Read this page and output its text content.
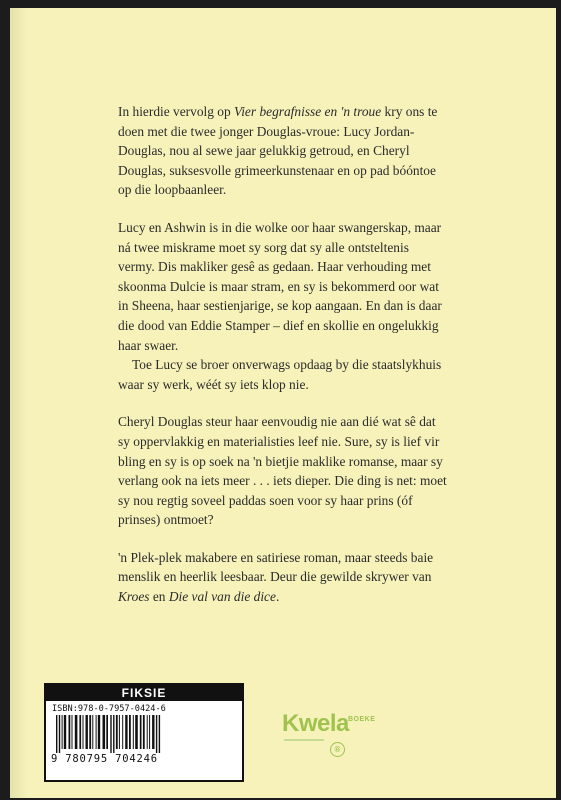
In hierdie vervolg op Vier begrafnisse en 'n troue kry ons te doen met die twee jonger Douglas-vroue: Lucy Jordan-Douglas, nou al sewe jaar gelukkig getroud, en Cheryl Douglas, suksesvolle grimeerkunstenaar en op pad bóóntoe op die loopbaanleer.

Lucy en Ashwin is in die wolke oor haar swangerskap, maar ná twee miskrame moet sy sorg dat sy alle ontsteltenis vermy. Dis makliker gesê as gedaan. Haar verhouding met skoonma Dulcie is maar stram, en sy is bekommerd oor wat in Sheena, haar sestienjarige, se kop aangaan. En dan is daar die dood van Eddie Stamper – dief en skollie en ongelukkig haar swaer.

Toe Lucy se broer onverwags opdaag by die staatslykhuis waar sy werk, wéét sy iets klop nie.

Cheryl Douglas steur haar eenvoudig nie aan dié wat sê dat sy oppervlakkig en materialisties leef nie. Sure, sy is lief vir bling en sy is op soek na 'n bietjie maklike romanse, maar sy verlang ook na iets meer . . . iets dieper. Die ding is net: moet sy nou regtig soveel paddas soen voor sy haar prins (óf prinses) ontmoet?

'n Plek-plek makabere en satiriese roman, maar steeds baie menslik en heerlik leesbaar. Deur die gewilde skrywer van Kroes en Die val van die dice.

FIKSIE
ISBN:978-0-7957-0424-6
9 780795 704246
Kwela BOEKE
®
